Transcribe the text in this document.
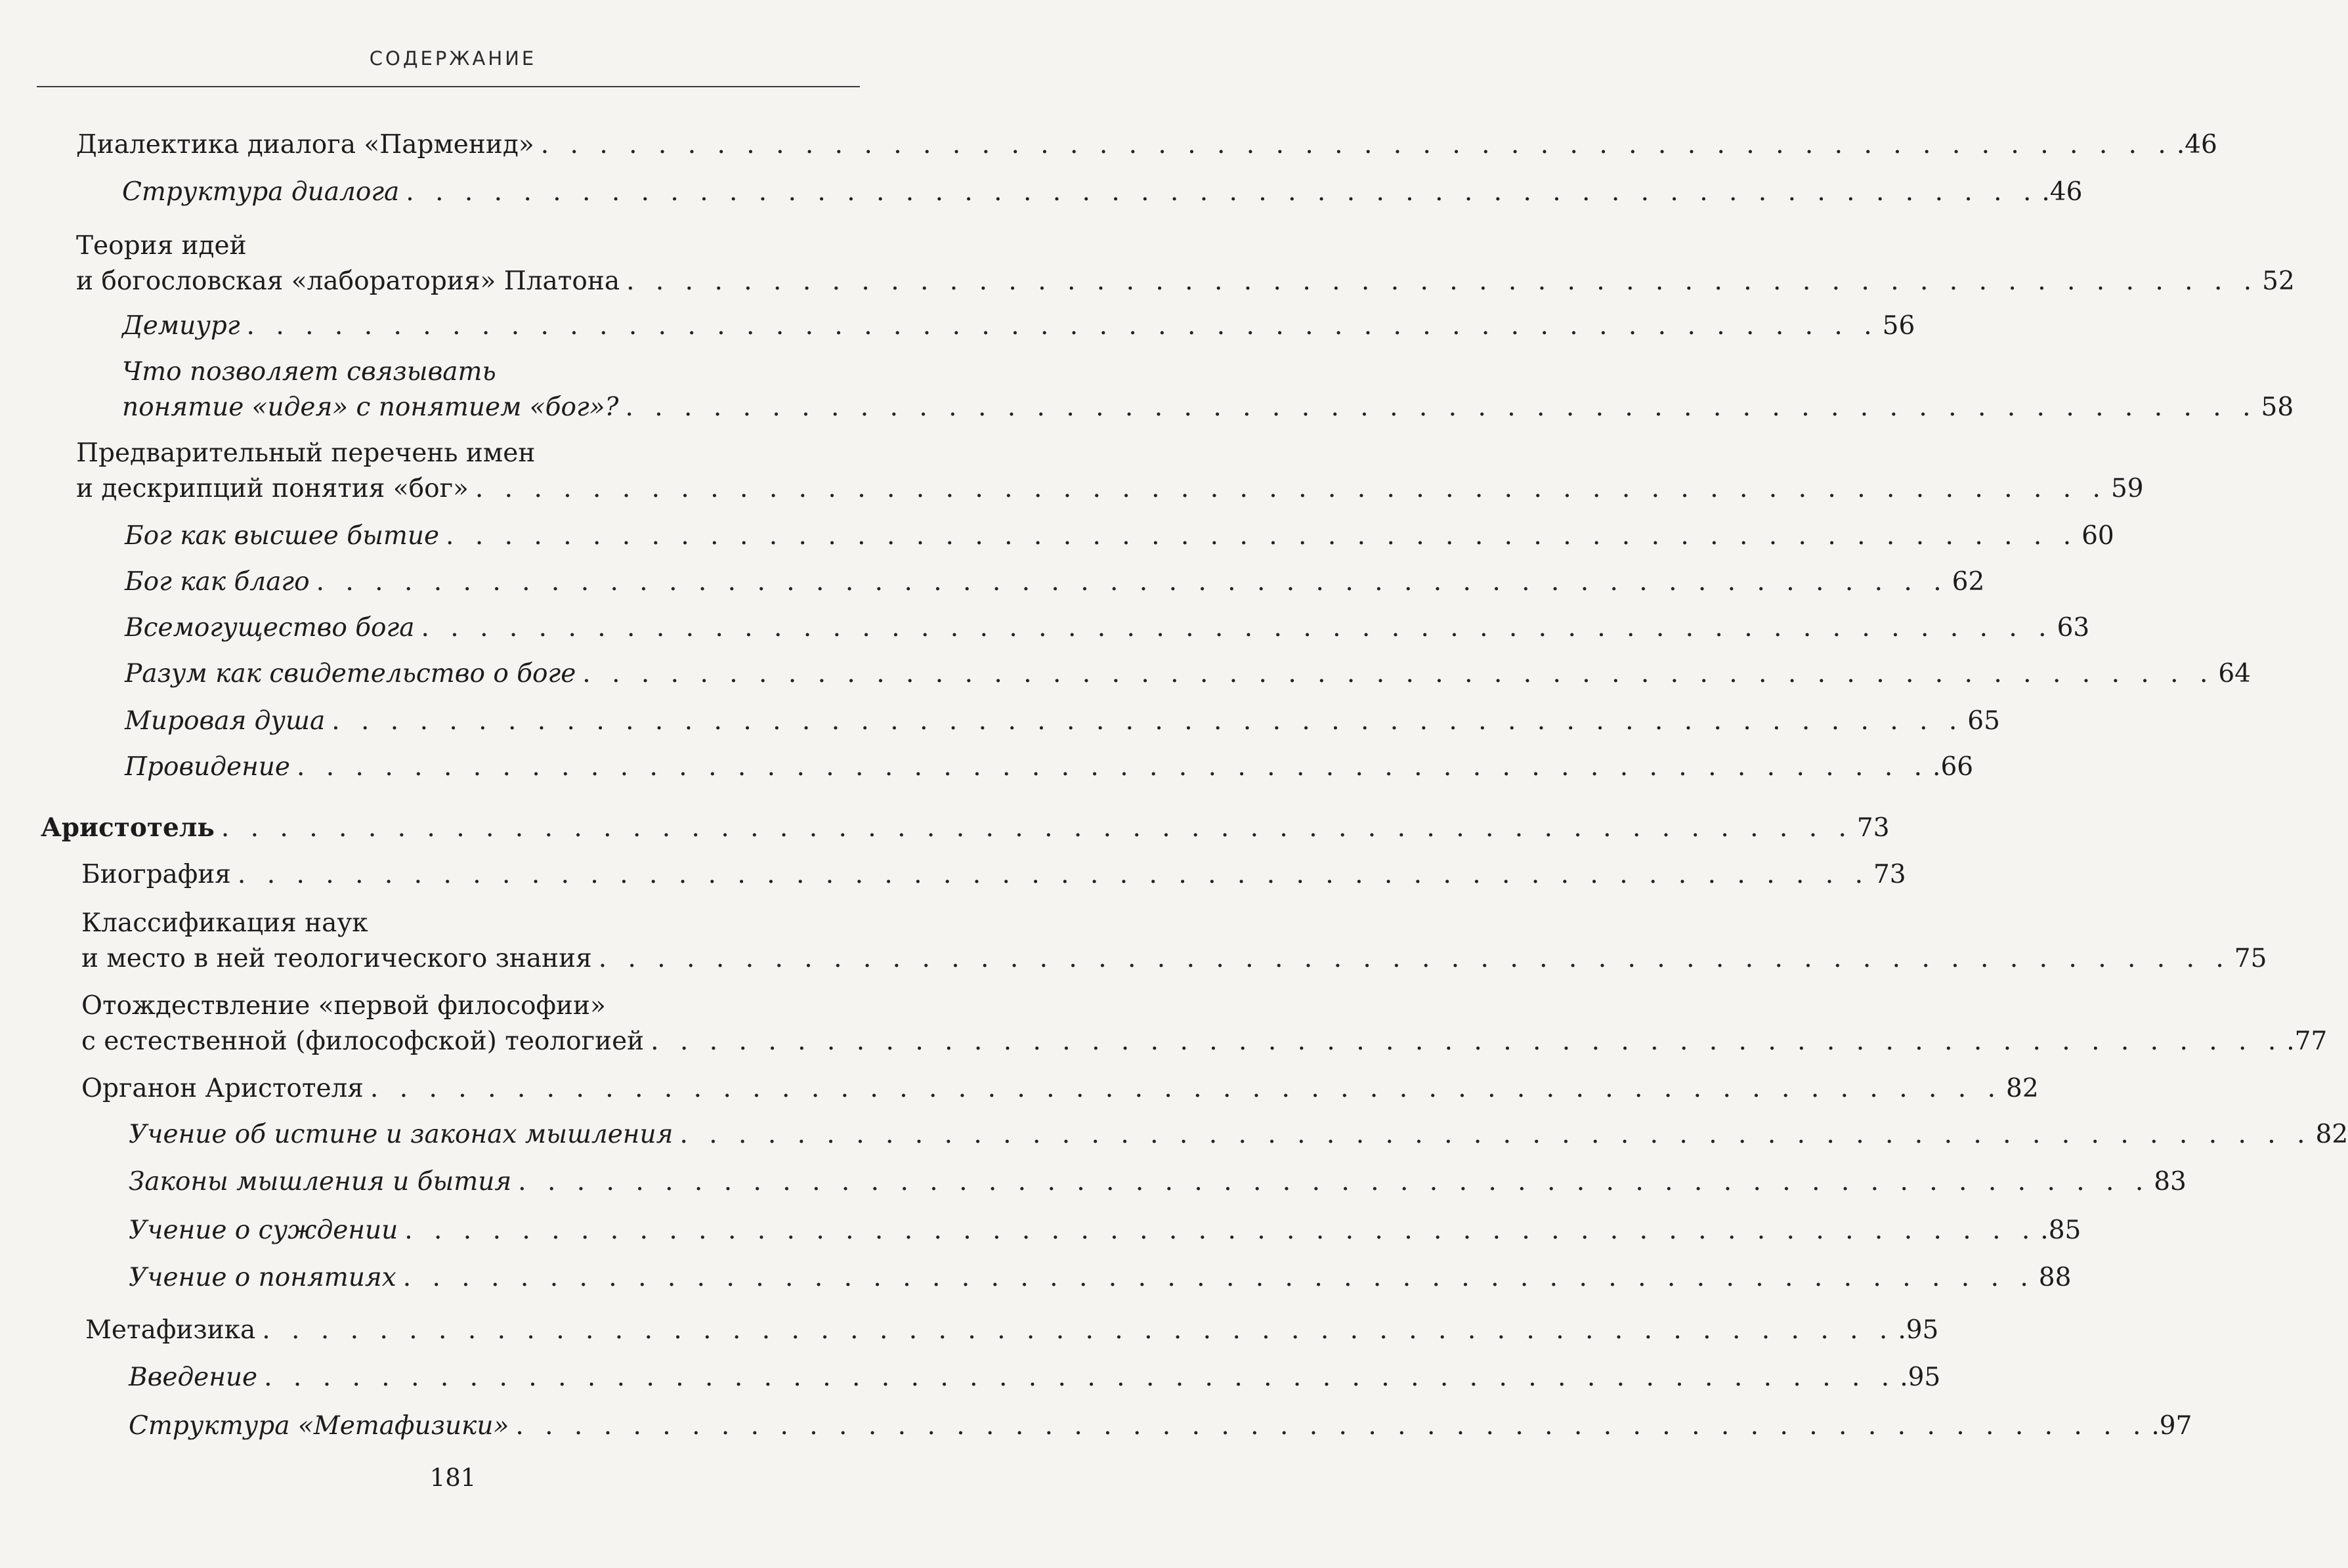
СОДЕРЖАНИЕ
Диалектика диалога «Парменид» . . . . . . . . . . . . . . . . . . . . . . . . . . . . . . . . . . . . . . . . . . . . . . . . . . . . . . . . .46
Структура диалога . . . . . . . . . . . . . . . . . . . . . . . . . . . . . . . . . . . . . . . . . . . . . . . . . . . . . . . . .46
Теория идей
и богословская «лаборатория» Платона . . . . . . . . . . . . . . . . . . . . . . . . . . . . . . . . . . . . . . . . . . . . . . . . . . . . . . . . 52
Демиург . . . . . . . . . . . . . . . . . . . . . . . . . . . . . . . . . . . . . . . . . . . . . . . . . . . . . . . . 56
Что позволяет связывать
понятие «идея» с понятием «бог»? . . . . . . . . . . . . . . . . . . . . . . . . . . . . . . . . . . . . . . . . . . . . . . . . . . . . . . . . 58
Предварительный перечень имен
и дескрипций понятия «бог» . . . . . . . . . . . . . . . . . . . . . . . . . . . . . . . . . . . . . . . . . . . . . . . . . . . . . . . . 59
Бог как высшее бытие . . . . . . . . . . . . . . . . . . . . . . . . . . . . . . . . . . . . . . . . . . . . . . . . . . . . . . . . 60
Бог как благо . . . . . . . . . . . . . . . . . . . . . . . . . . . . . . . . . . . . . . . . . . . . . . . . . . . . . . . . 62
Всемогущество бога . . . . . . . . . . . . . . . . . . . . . . . . . . . . . . . . . . . . . . . . . . . . . . . . . . . . . . . . 63
Разум как свидетельство о боге . . . . . . . . . . . . . . . . . . . . . . . . . . . . . . . . . . . . . . . . . . . . . . . . . . . . . . . . 64
Мировая душа . . . . . . . . . . . . . . . . . . . . . . . . . . . . . . . . . . . . . . . . . . . . . . . . . . . . . . . . 65
Провидение . . . . . . . . . . . . . . . . . . . . . . . . . . . . . . . . . . . . . . . . . . . . . . . . . . . . . . . . .66
Аристотель . . . . . . . . . . . . . . . . . . . . . . . . . . . . . . . . . . . . . . . . . . . . . . . . . . . . . . . . 73
Биография . . . . . . . . . . . . . . . . . . . . . . . . . . . . . . . . . . . . . . . . . . . . . . . . . . . . . . . . 73
Классификация наук
и место в ней теологического знания . . . . . . . . . . . . . . . . . . . . . . . . . . . . . . . . . . . . . . . . . . . . . . . . . . . . . . . . 75
Отождествление «первой философии»
с естественной (философской) теологией . . . . . . . . . . . . . . . . . . . . . . . . . . . . . . . . . . . . . . . . . . . . . . . . . . . . . . . . .77
Органон Аристотеля . . . . . . . . . . . . . . . . . . . . . . . . . . . . . . . . . . . . . . . . . . . . . . . . . . . . . . . . 82
Учение об истине и законах мышления . . . . . . . . . . . . . . . . . . . . . . . . . . . . . . . . . . . . . . . . . . . . . . . . . . . . . . . . 82
Законы мышления и бытия . . . . . . . . . . . . . . . . . . . . . . . . . . . . . . . . . . . . . . . . . . . . . . . . . . . . . . . . 83
Учение о суждении . . . . . . . . . . . . . . . . . . . . . . . . . . . . . . . . . . . . . . . . . . . . . . . . . . . . . . . . .85
Учение о понятиях . . . . . . . . . . . . . . . . . . . . . . . . . . . . . . . . . . . . . . . . . . . . . . . . . . . . . . . . 88
Метафизика . . . . . . . . . . . . . . . . . . . . . . . . . . . . . . . . . . . . . . . . . . . . . . . . . . . . . . . . .95
Введение . . . . . . . . . . . . . . . . . . . . . . . . . . . . . . . . . . . . . . . . . . . . . . . . . . . . . . . . .95
Структура «Метафизики» . . . . . . . . . . . . . . . . . . . . . . . . . . . . . . . . . . . . . . . . . . . . . . . . . . . . . . . . .97
181
